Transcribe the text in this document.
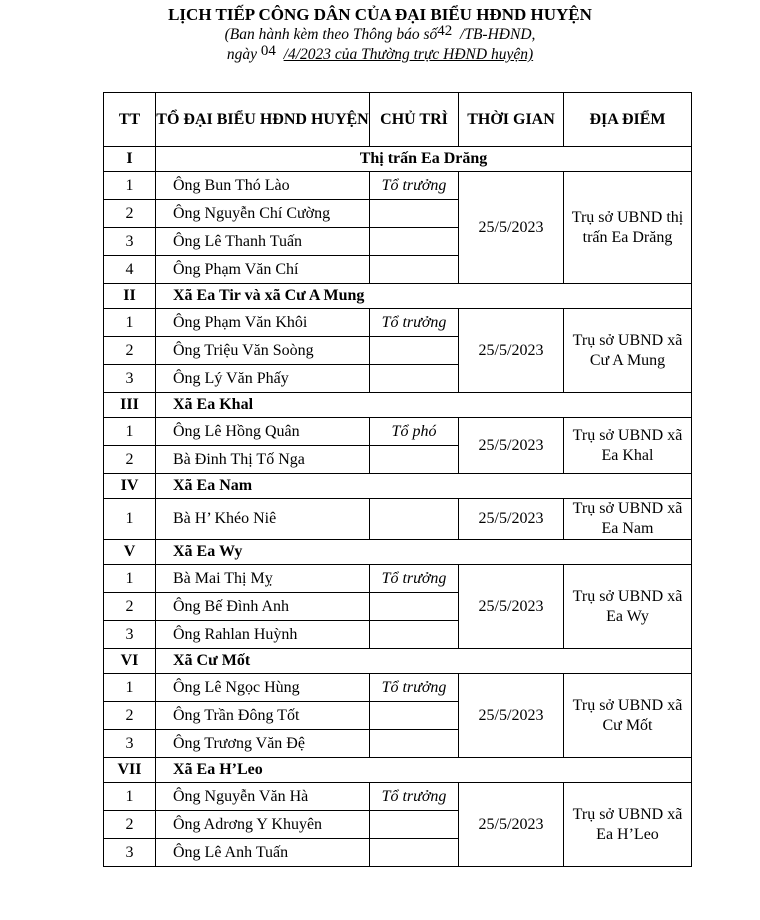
LỊCH TIẾP CÔNG DÂN CỦA ĐẠI BIỂU HĐND HUYỆN
(Ban hành kèm theo Thông báo số42 /TB-HĐND,
ngày 04 /4/2023 của Thường trực HĐND huyện)
TT	TỔ ĐẠI BIỂU HĐND HUYỆN	CHỦ TRÌ	THỜI GIAN	ĐỊA ĐIỂM
I	Thị trấn Ea Drăng			
1	Ông Bun Thó Lào	Tổ trưởng	25/5/2023	Trụ sở UBND thị trấn Ea Drăng
2	Ông Nguyễn Chí Cường			
3	Ông Lê Thanh Tuấn			
4	Ông Phạm Văn Chí			
II	Xã Ea Tir và xã Cư A Mung			
1	Ông Phạm Văn Khôi	Tổ trưởng	25/5/2023	Trụ sở UBND xã Cư A Mung
2	Ông Triệu Văn Soòng			
3	Ông Lý Văn Phấy			
III	Xã Ea Khal			
1	Ông Lê Hồng Quân	Tổ phó	25/5/2023	Trụ sở UBND xã Ea Khal
2	Bà Đinh Thị Tố Nga			
IV	Xã Ea Nam			
1	Bà H’ Khéo Niê		25/5/2023	Trụ sở UBND xã Ea Nam
V	Xã Ea Wy			
1	Bà Mai Thị Mỵ	Tổ trưởng	25/5/2023	Trụ sở UBND xã Ea Wy
2	Ông Bế Đình Anh			
3	Ông Rahlan Huỳnh			
VI	Xã Cư Mốt			
1	Ông Lê Ngọc Hùng	Tổ trưởng	25/5/2023	Trụ sở UBND xã Cư Mốt
2	Ông Trần Đông Tốt			
3	Ông Trương Văn Đệ			
VII	Xã Ea H’Leo			
1	Ông Nguyễn Văn Hà	Tổ trưởng	25/5/2023	Trụ sở UBND xã Ea H’Leo
2	Ông Adrơng Y Khuyên			
3	Ông Lê Anh Tuấn			
